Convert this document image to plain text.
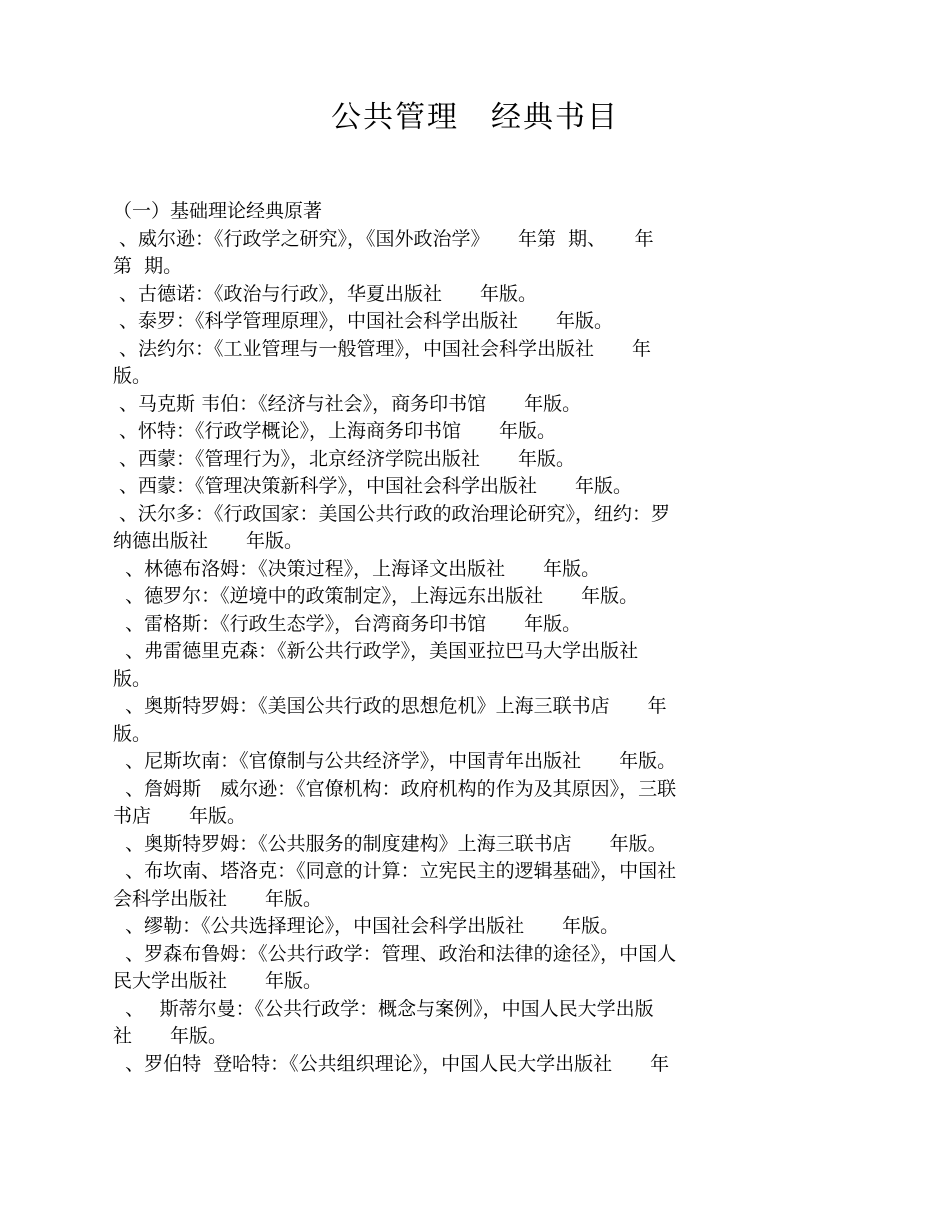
公共管理　经典书目
（一）基础理论经典原著
、威尔逊：《行政学之研究》，《国外政治学》　　年第  期、　　年
第  期。
、古德诺：《政治与行政》，华夏出版社　　年版。
、泰罗：《科学管理原理》，中国社会科学出版社　　年版。
、法约尔：《工业管理与一般管理》，中国社会科学出版社　　年
版。
、马克斯 韦伯：《经济与社会》，商务印书馆　　年版。
、怀特：《行政学概论》，上海商务印书馆　　年版。
、西蒙：《管理行为》，北京经济学院出版社　　年版。
、西蒙：《管理决策新科学》，中国社会科学出版社　　年版。
、沃尔多：《行政国家：美国公共行政的政治理论研究》，纽约：罗
纳德出版社　　年版。
、林德布洛姆：《决策过程》，上海译文出版社　　年版。
、德罗尔：《逆境中的政策制定》，上海远东出版社　　年版。
、雷格斯：《行政生态学》，台湾商务印书馆　　年版。
、弗雷德里克森：《新公共行政学》，美国亚拉巴马大学出版社
版。
、奥斯特罗姆：《美国公共行政的思想危机》上海三联书店　　年
版。
、尼斯坎南：《官僚制与公共经济学》，中国青年出版社　　年版。
、詹姆斯　威尔逊：《官僚机构：政府机构的作为及其原因》，三联
书店　　年版。
、奥斯特罗姆：《公共服务的制度建构》上海三联书店　　年版。
、布坎南、塔洛克：《同意的计算：立宪民主的逻辑基础》，中国社
会科学出版社　　年版。
、缪勒：《公共选择理论》，中国社会科学出版社　　年版。
、罗森布鲁姆：《公共行政学：管理、政治和法律的途径》，中国人
民大学出版社　　年版。
、　 斯蒂尔曼：《公共行政学：概念与案例》，中国人民大学出版
社　　年版。
、罗伯特  登哈特：《公共组织理论》，中国人民大学出版社　　年
